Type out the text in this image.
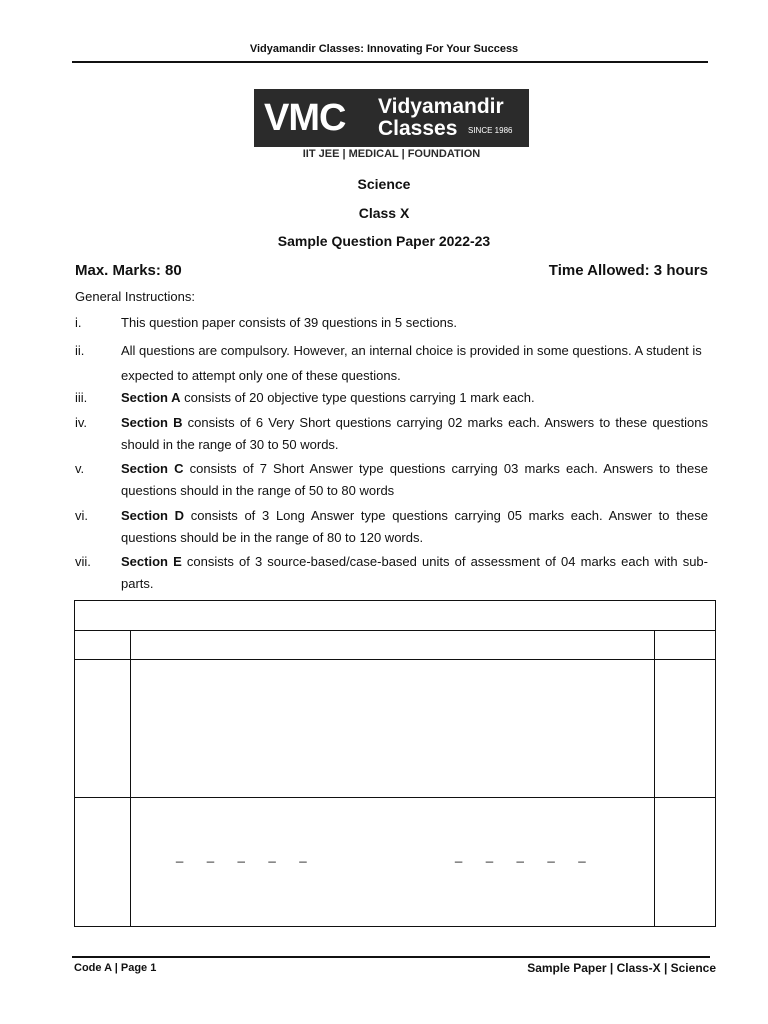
Vidyamandir Classes: Innovating For Your Success
VMC Vidyamandir
Classes SINCE 1986
IIT JEE | MEDICAL | FOUNDATION
Science
Class X
Sample Question Paper 2022-23
Max. Marks: 80	Time Allowed: 3 hours
General Instructions:
i.	This question paper consists of 39 questions in 5 sections.
ii.	All questions are compulsory. However, an internal choice is provided in some questions. A student is expected to attempt only one of these questions.
iii.	Section A consists of 20 objective type questions carrying 1 mark each.
iv.	Section B consists of 6 Very Short questions carrying 02 marks each. Answers to these questions should in the range of 30 to 50 words.
v.	Section C consists of 7 Short Answer type questions carrying 03 marks each. Answers to these questions should in the range of 50 to 80 words
vi.	Section D consists of 3 Long Answer type questions carrying 05 marks each. Answer to these questions should be in the range of 80 to 120 words.
vii. Section E consists of 3 source-based/case-based units of assessment of 04 marks each with sub-parts.
_ _ _ _ _	_ _ _ _ _
Code A | Page 1	Sample Paper | Class-X | Science
